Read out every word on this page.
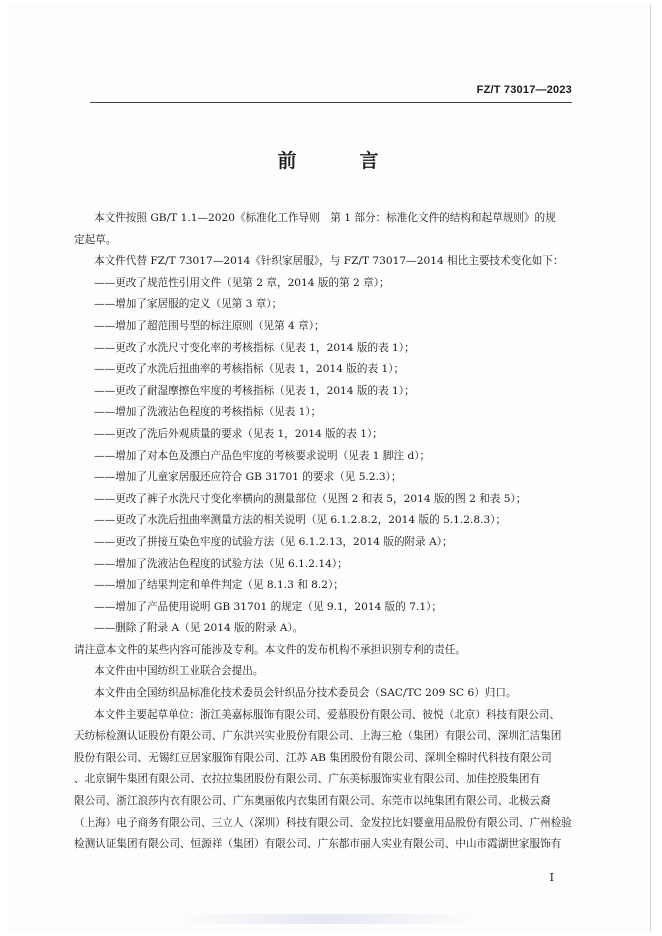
FZ/T 73017—2023
前　言

本文件按照 GB/T 1.1—2020《标准化工作导则　第 1 部分：标准化文件的结构和起草规则》的规

定起草。

本文件代替 FZ/T 73017—2014《针织家居服》，与 FZ/T 73017—2014 相比主要技术变化如下：

——更改了规范性引用文件（见第 2 章，2014 版的第 2 章）；

——增加了家居服的定义（见第 3 章）；

——增加了超范围号型的标注原则（见第 4 章）；

——更改了水洗尺寸变化率的考核指标（见表 1，2014 版的表 1）；

——更改了水洗后扭曲率的考核指标（见表 1，2014 版的表 1）；

——更改了耐湿摩擦色牢度的考核指标（见表 1，2014 版的表 1）；

——增加了洗液沾色程度的考核指标（见表 1）；

——更改了洗后外观质量的要求（见表 1，2014 版的表 1）；

——增加了对本色及漂白产品色牢度的考核要求说明（见表 1 脚注 d）；

——增加了儿童家居服还应符合 GB 31701 的要求（见 5.2.3）；

——更改了裤子水洗尺寸变化率横向的测量部位（见图 2 和表 5，2014 版的图 2 和表 5）；

——更改了水洗后扭曲率测量方法的相关说明（见 6.1.2.8.2，2014 版的 5.1.2.8.3）；

——更改了拼接互染色牢度的试验方法（见 6.1.2.13，2014 版的附录 A）；

——增加了洗液沾色程度的试验方法（见 6.1.2.14）；

——增加了结果判定和单件判定（见 8.1.3 和 8.2）；

——增加了产品使用说明 GB 31701 的规定（见 9.1，2014 版的 7.1）；

——删除了附录 A（见 2014 版的附录 A）。

请注意本文件的某些内容可能涉及专利。本文件的发布机构不承担识别专利的责任。

本文件由中国纺织工业联合会提出。

本文件由全国纺织品标准化技术委员会针织品分技术委员会（SAC/TC 209 SC 6）归口。

本文件主要起草单位：浙江美嘉标服饰有限公司、爱慕股份有限公司、彼悦（北京）科技有限公司、

天纺标检测认证股份有限公司、广东洪兴实业股份有限公司、上海三枪（集团）有限公司、深圳汇洁集团

股份有限公司、无锡红豆居家服饰有限公司、江苏 AB 集团股份有限公司、深圳全棉时代科技有限公司

、北京铜牛集团有限公司、衣拉拉集团股份有限公司、广东美标服饰实业有限公司、加佳控股集团有

限公司、浙江浪莎内衣有限公司、广东奥丽侬内衣集团有限公司、东莞市以纯集团有限公司、北极云裔

（上海）电子商务有限公司、三立人（深圳）科技有限公司、金发拉比妇婴童用品股份有限公司、广州检验

检测认证集团有限公司、恒源祥（集团）有限公司、广东都市丽人实业有限公司、中山市霞湖世家服饰有

I
